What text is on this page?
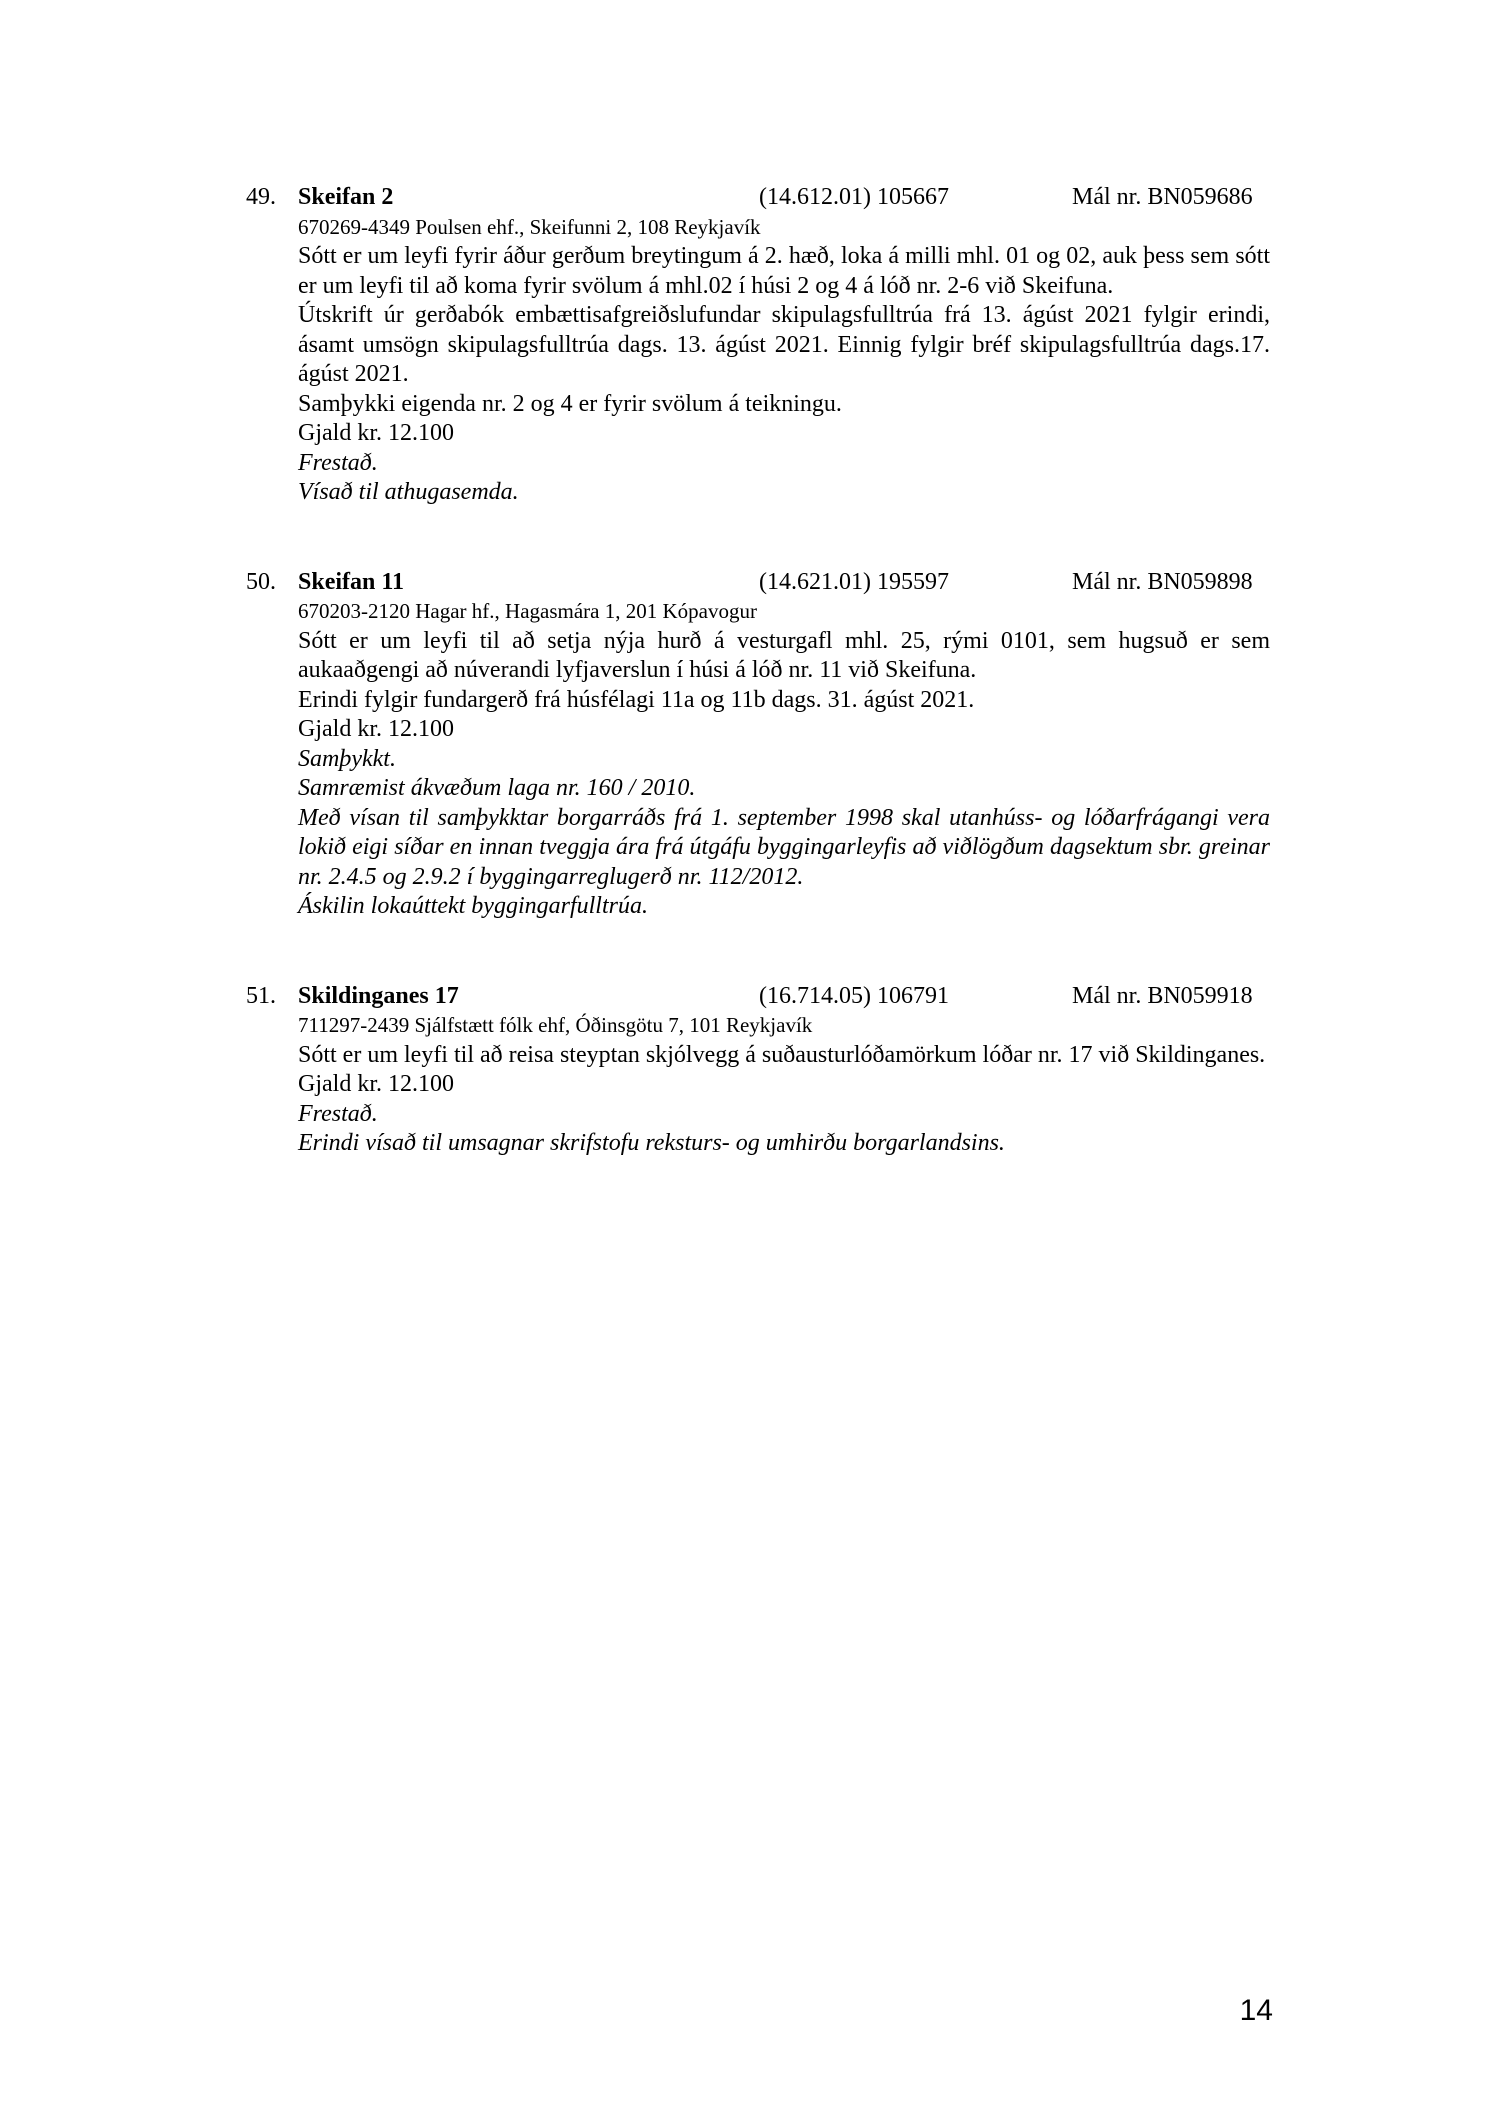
49. Skeifan 2	(14.612.01) 105667	Mál nr. BN059686

670269-4349 Poulsen ehf., Skeifunni 2, 108 Reykjavík

Sótt er um leyfi fyrir áður gerðum breytingum á 2. hæð, loka á milli mhl. 01 og 02, auk þess sem sótt er um leyfi til að koma fyrir svölum á mhl.02 í húsi 2 og 4 á lóð nr. 2-6 við Skeifuna.

Útskrift úr gerðabók embættisafgreiðslufundar skipulagsfulltrúa frá 13. ágúst 2021 fylgir erindi, ásamt umsögn skipulagsfulltrúa dags. 13. ágúst 2021. Einnig fylgir bréf skipulagsfulltrúa dags.17. ágúst 2021.

Samþykki eigenda nr. 2 og 4 er fyrir svölum á teikningu.

Gjald kr. 12.100

Frestað.

Vísað til athugasemda.

50. Skeifan 11	(14.621.01) 195597	Mál nr. BN059898

670203-2120 Hagar hf., Hagasmára 1, 201 Kópavogur

Sótt er um leyfi til að setja nýja hurð á vesturgafl mhl. 25, rými 0101, sem hugsuð er sem aukaaðgengi að núverandi lyfjaverslun í húsi á lóð nr. 11 við Skeifuna.

Erindi fylgir fundargerð frá húsfélagi 11a og 11b dags. 31. ágúst 2021.

Gjald kr. 12.100

Samþykkt.

Samræmist ákvæðum laga nr. 160 / 2010.

Með vísan til samþykktar borgarráðs frá 1. september 1998 skal utanhúss- og lóðarfrágangi vera lokið eigi síðar en innan tveggja ára frá útgáfu byggingarleyfis að viðlögðum dagsektum sbr. greinar nr. 2.4.5 og 2.9.2 í byggingarreglugerð nr. 112/2012.

Áskilin lokaúttekt byggingarfulltrúa.

51. Skildinganes 17	(16.714.05) 106791	Mál nr. BN059918

711297-2439 Sjálfstætt fólk ehf, Óðinsgötu 7, 101 Reykjavík

Sótt er um leyfi til að reisa steyptan skjólvegg á suðausturlóðamörkum lóðar nr. 17 við Skildinganes.

Gjald kr. 12.100

Frestað.

Erindi vísað til umsagnar skrifstofu reksturs- og umhirðu borgarlandsins.

14
